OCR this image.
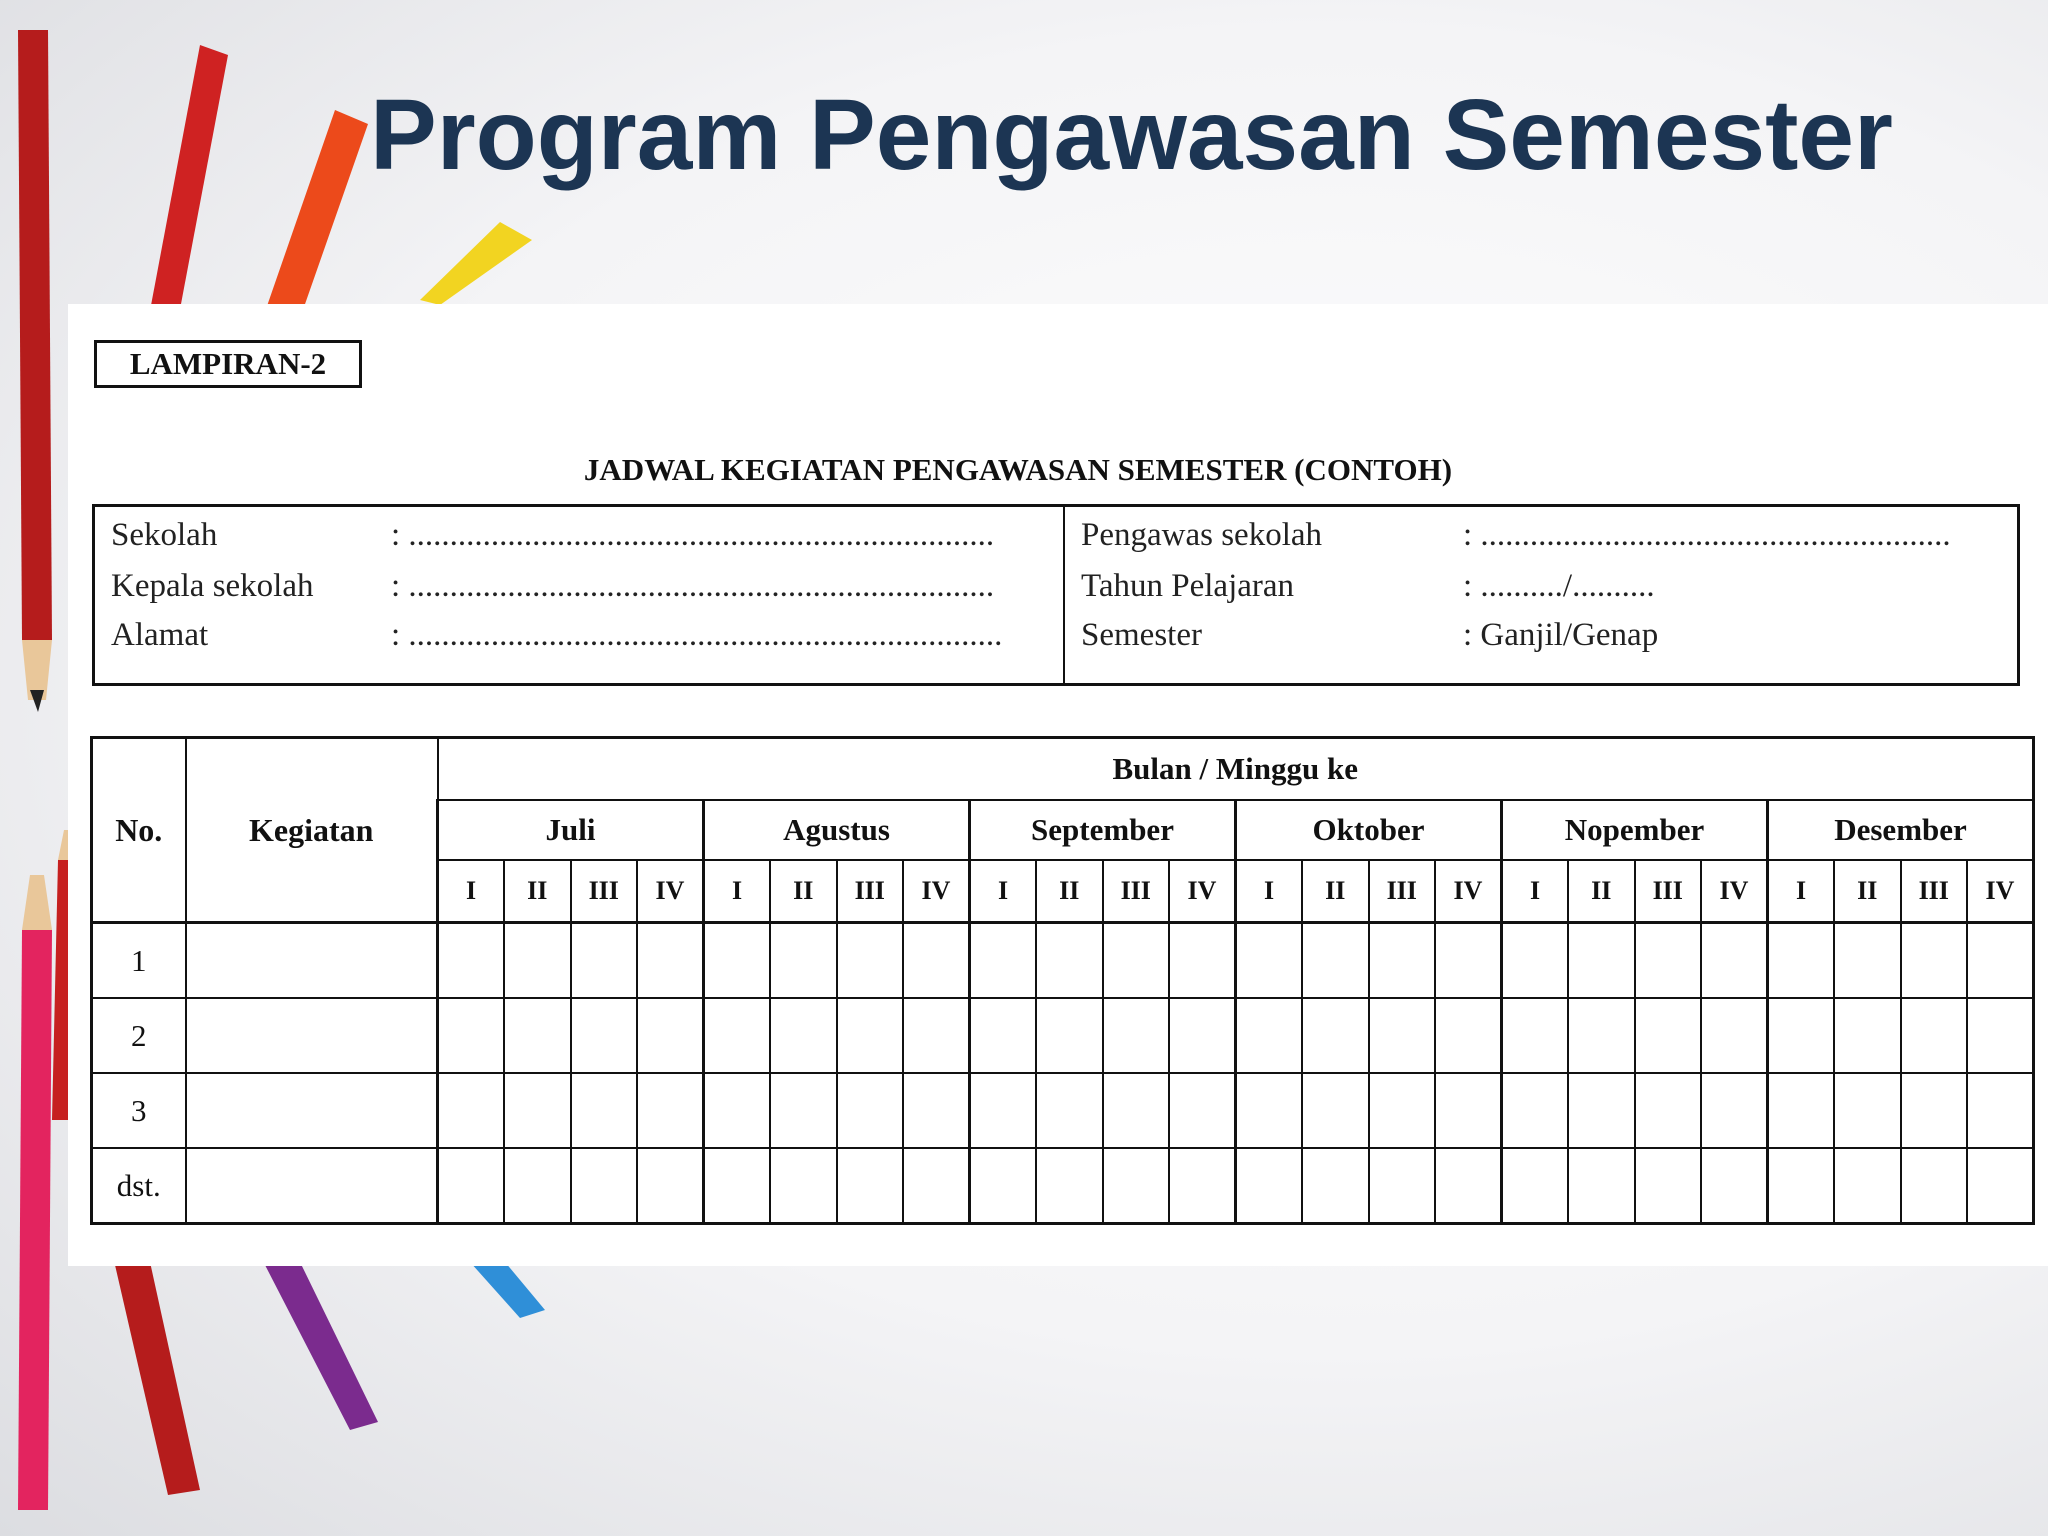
Program Pengawasan Semester
LAMPIRAN-2
JADWAL KEGIATAN PENGAWASAN SEMESTER (CONTOH)
Sekolah	: .......................................................................
Kepala sekolah : .......................................................................
Alamat	: ........................................................................
Pengawas sekolah	: .........................................................
Tahun Pelajaran	: ........../..........
Semester	: Ganjil/Genap
No.	Kegiatan	Bulan / Minggu ke																							
		Juli				Agustus				September				Oktober				Nopember				Desember			
		I	II	III	IV	I	II	III	IV	I	II	III	IV	I	II	III	IV	I	II	III	IV	I	II	III	IV
1																									
2																									
3																									
dst.																									
